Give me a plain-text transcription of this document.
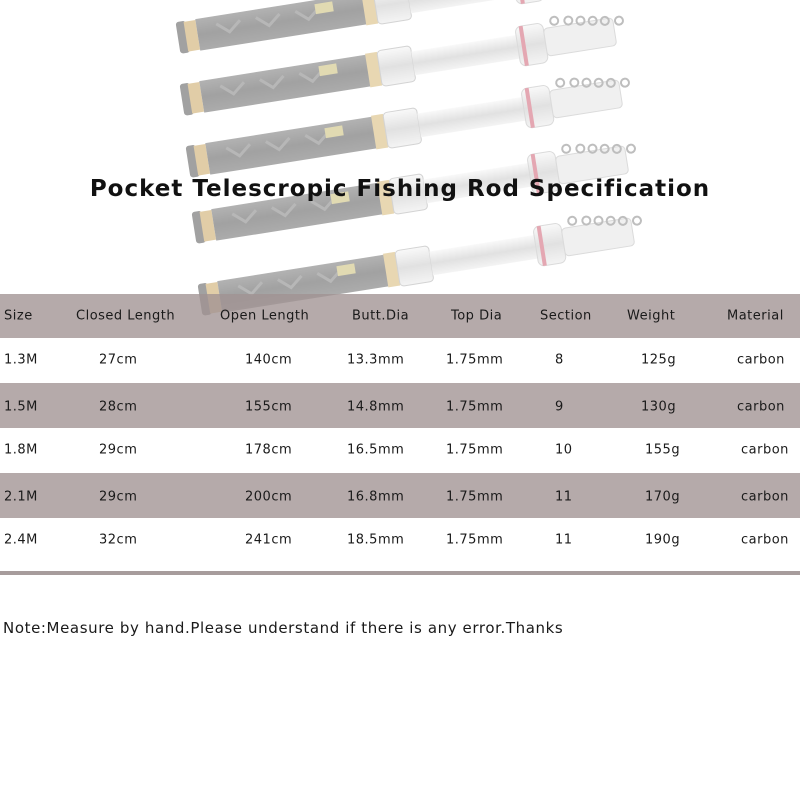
Pocket Telescropic Fishing Rod Specification
Size	Closed Length	Open Length	Butt.Dia	Top Dia	Section	Weight	Material
1.3M	27cm	140cm	13.3mm	1.75mm	8	125g	carbon
1.5M	28cm	155cm	14.8mm	1.75mm	9	130g	carbon
1.8M	29cm	178cm	16.5mm	1.75mm	10	155g	carbon
2.1M	29cm	200cm	16.8mm	1.75mm	11	170g	carbon
2.4M	32cm	241cm	18.5mm	1.75mm	11	190g	carbon
Note:Measure by hand.Please understand if there is any error.Thanks
